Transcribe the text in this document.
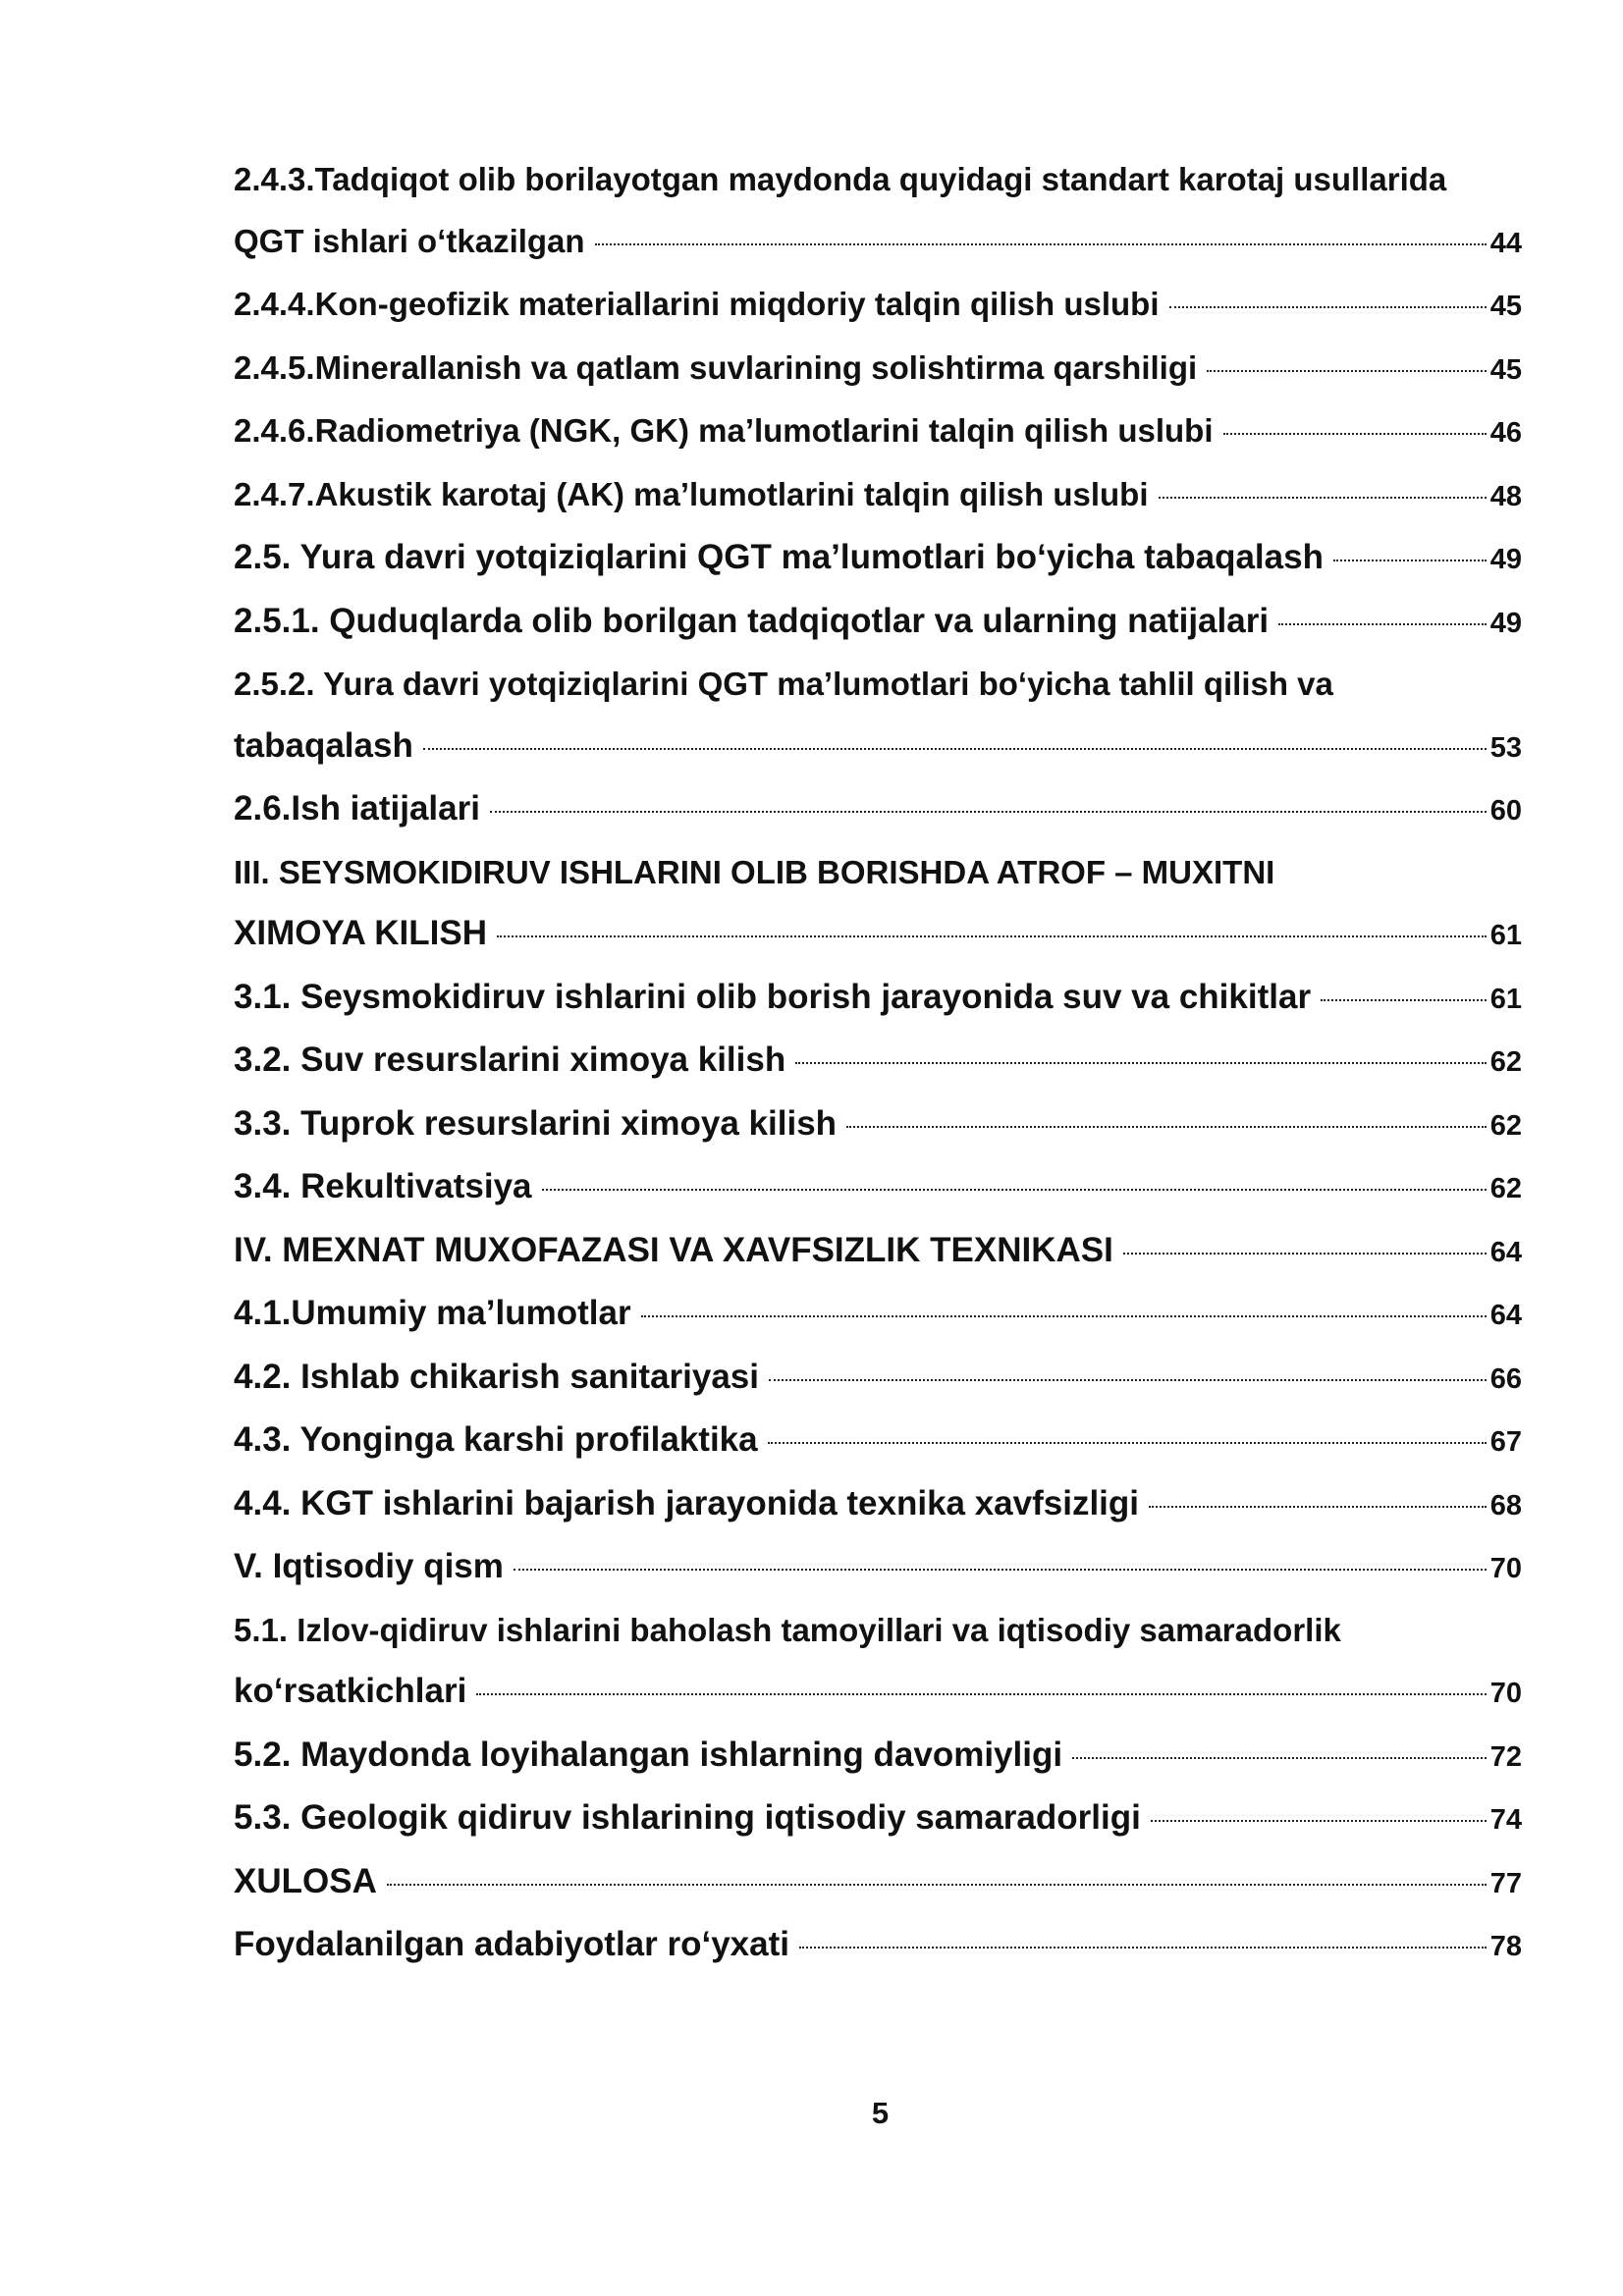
2.4.3.Tadqiqot olib borilayotgan maydonda quyidagi standart karotaj usullarida
QGT ishlari o‘tkazilgan	44
2.4.4.Kon-geofizik materiallarini miqdoriy talqin qilish uslubi	45
2.4.5.Minerallanish va qatlam suvlarining solishtirma qarshiligi	45
2.4.6.Radiometriya (NGK, GK) ma’lumotlarini talqin qilish uslubi	46
2.4.7.Akustik karotaj (AK) ma’lumotlarini talqin qilish uslubi	48
2.5. Yura davri yotqiziqlarini QGT ma’lumotlari bo‘yicha tabaqalash	49
2.5.1. Quduqlarda olib borilgan tadqiqotlar va ularning natijalari	49
2.5.2. Yura davri yotqiziqlarini QGT ma’lumotlari bo‘yicha tahlil qilish va
tabaqalash	53
2.6.Ish iatijalari	60
III. SEYSMOKIDIRUV ISHLARINI OLIB BORISHDA ATROF – MUXITNI
XIMOYA KILISH	61
3.1. Seysmokidiruv ishlarini olib borish jarayonida suv va chikitlar	61
3.2. Suv resurslarini ximoya kilish	62
3.3. Tuprok resurslarini ximoya kilish	62
3.4. Rekultivatsiya	62
IV. MEXNAT MUXOFAZASI VA XAVFSIZLIK TEXNIKASI	64
4.1.Umumiy ma’lumotlar	64
4.2. Ishlab chikarish sanitariyasi	66
4.3. Yonginga karshi profilaktika	67
4.4. KGT ishlarini bajarish jarayonida texnika xavfsizligi	68
V. Iqtisodiy qism	70
5.1. Izlov-qidiruv ishlarini baholash tamoyillari va iqtisodiy samaradorlik
ko‘rsatkichlari	70
5.2. Maydonda loyihalangan ishlarning davomiyligi	72
5.3. Geologik qidiruv ishlarining iqtisodiy samaradorligi	74
XULOSA	77
Foydalanilgan adabiyotlar ro‘yxati	78
5
